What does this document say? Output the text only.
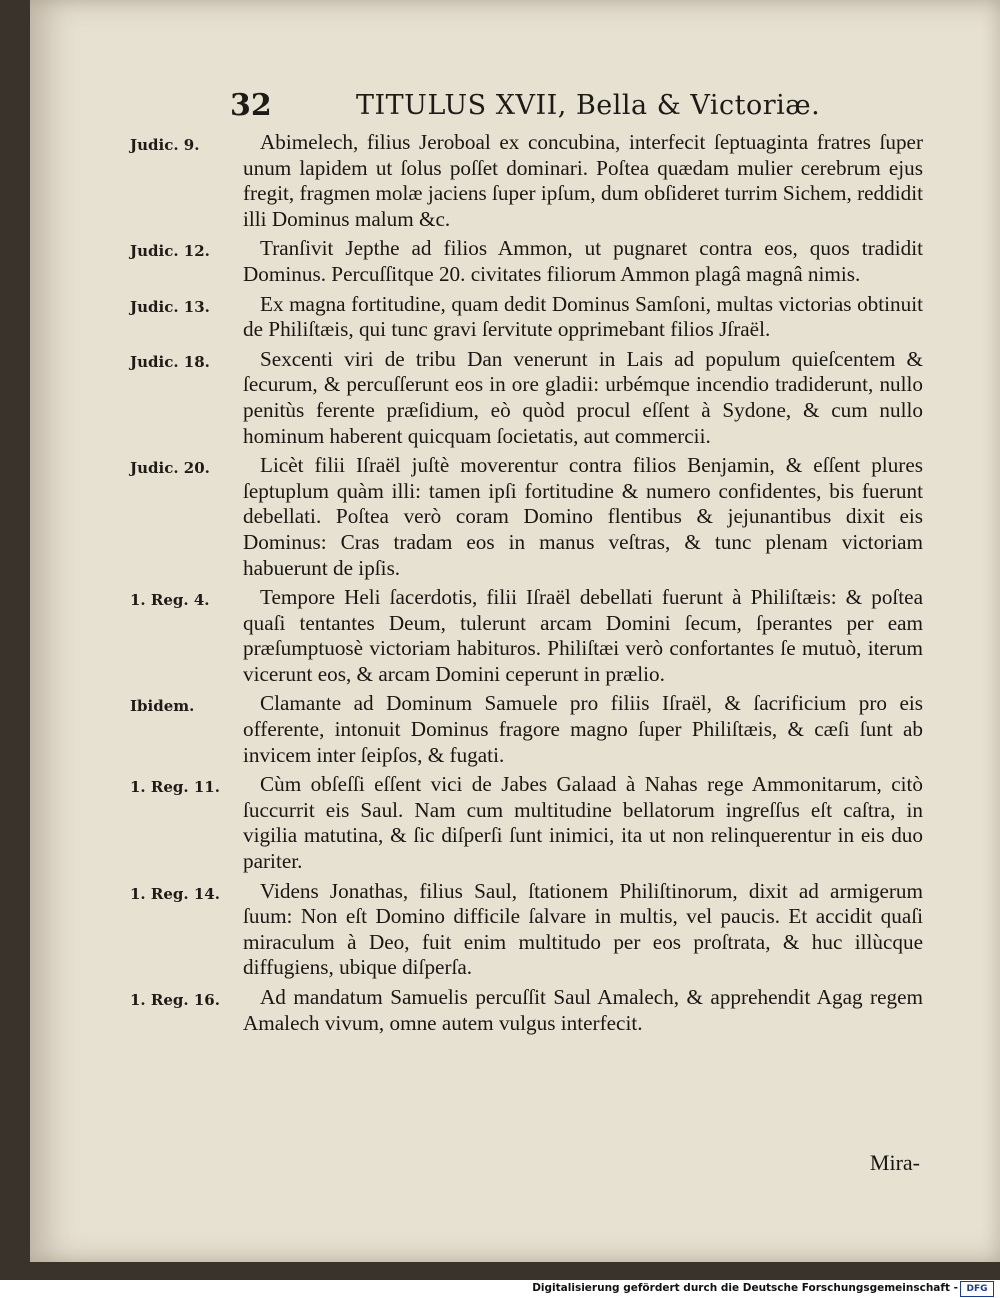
32	TITULUS XVII, Bella & Victoriæ.
Judic. 9.	Abimelech, filius Jeroboal ex concubina, interfecit ſeptuaginta fratres ſuper unum lapidem ut ſolus poſſet dominari. Poſtea quædam mulier cerebrum ejus fregit, fragmen molæ jaciens ſuper ipſum, dum obſideret turrim Sichem, reddidit illi Dominus malum &c.
Judic. 12.	Tranſivit Jepthe ad filios Ammon, ut pugnaret contra eos, quos tradidit Dominus. Percuſſitque 20. civitates filiorum Ammon plagâ magnâ nimis.
Judic. 13.	Ex magna fortitudine, quam dedit Dominus Samſoni, multas victorias obtinuit de Philiſtæis, qui tunc gravi ſervitute opprimebant filios Jſraël.
Judic. 18.	Sexcenti viri de tribu Dan venerunt in Lais ad populum quieſcentem & ſecurum, & percuſſerunt eos in ore gladii: urbémque incendio tradiderunt, nullo penitùs ferente præſidium, eò quòd procul eſſent à Sydone, & cum nullo hominum haberent quicquam ſocietatis, aut commercii.
Judic. 20.	Licèt filii Iſraël juſtè moverentur contra filios Benjamin, & eſſent plures ſeptuplum quàm illi: tamen ipſi fortitudine & numero confidentes, bis fuerunt debellati. Poſtea verò coram Domino flentibus & jejunantibus dixit eis Dominus: Cras tradam eos in manus veſtras, & tunc plenam victoriam habuerunt de ipſis.
1. Reg. 4.	Tempore Heli ſacerdotis, filii Iſraël debellati fuerunt à Philiſtæis: & poſtea quaſi tentantes Deum, tulerunt arcam Domini ſecum, ſperantes per eam præſumptuosè victoriam habituros. Philiſtæi verò confortantes ſe mutuò, iterum vicerunt eos, & arcam Domini ceperunt in prælio.
Ibidem.	Clamante ad Dominum Samuele pro filiis Iſraël, & ſacrificium pro eis offerente, intonuit Dominus fragore magno ſuper Philiſtæis, & cæſi ſunt ab invicem inter ſeipſos, & fugati.
1. Reg. 11.	Cùm obſeſſi eſſent vici de Jabes Galaad à Nahas rege Ammonitarum, citò ſuccurrit eis Saul. Nam cum multitudine bellatorum ingreſſus eſt caſtra, in vigilia matutina, & ſic diſperſi ſunt inimici, ita ut non relinquerentur in eis duo pariter.
1. Reg. 14.	Videns Jonathas, filius Saul, ſtationem Philiſtinorum, dixit ad armigerum ſuum: Non eſt Domino difficile ſalvare in multis, vel paucis. Et accidit quaſi miraculum à Deo, fuit enim multitudo per eos proſtrata, & huc illùcque diffugiens, ubique diſperſa.
1. Reg. 16.	Ad mandatum Samuelis percuſſit Saul Amalech, & apprehendit Agag regem Amalech vivum, omne autem vulgus interfecit.
Mira-
Digitalisierung gefördert durch die Deutsche Forschungsgemeinschaft - DFG
